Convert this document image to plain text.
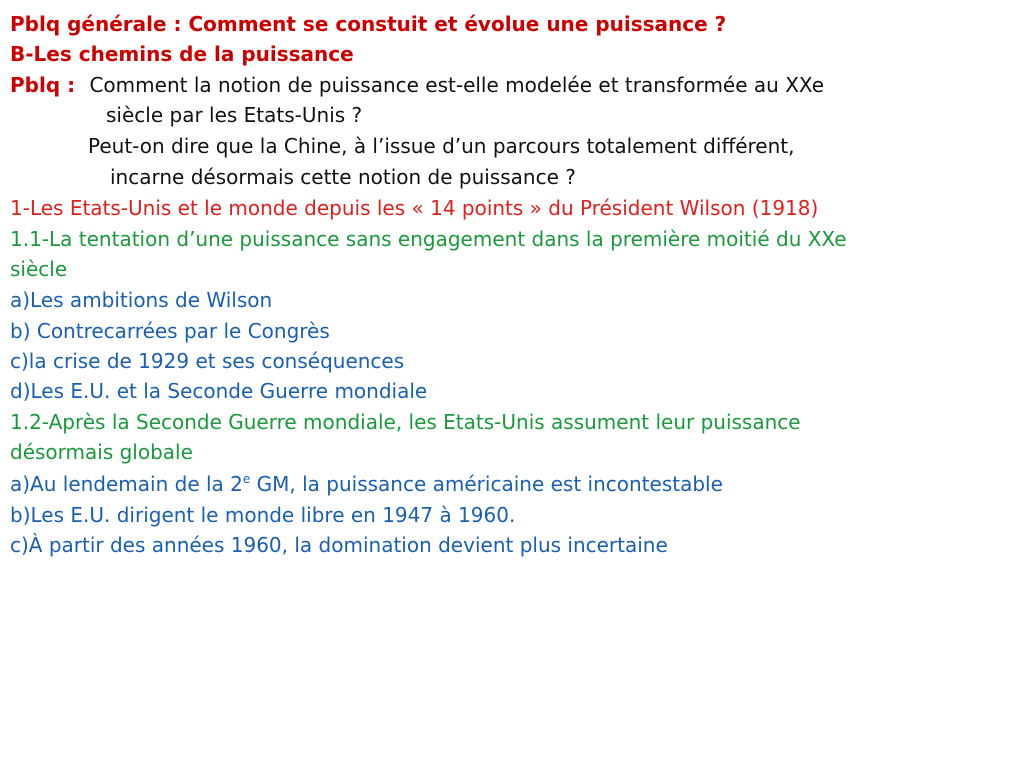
Pblq générale : Comment se constuit et évolue une puissance ?
B-Les chemins de la puissance
Pblq : Comment la notion de puissance est-elle modelée et transformée au XXe
siècle par les Etats-Unis ?
Peut-on dire que la Chine, à l’issue d’un parcours totalement différent,
incarne désormais cette notion de puissance ?
1-Les Etats-Unis et le monde depuis les « 14 points » du Président Wilson (1918)
1.1-La tentation d’une puissance sans engagement dans la première moitié du XXe
siècle
a)Les ambitions de Wilson
b) Contrecarrées par le Congrès
c)la crise de 1929 et ses conséquences
d)Les E.U. et la Seconde Guerre mondiale
1.2-Après la Seconde Guerre mondiale, les Etats-Unis assument leur puissance
désormais globale
a)Au lendemain de la 2e GM, la puissance américaine est incontestable
b)Les E.U. dirigent le monde libre en 1947 à 1960.
c)À partir des années 1960, la domination devient plus incertaine
